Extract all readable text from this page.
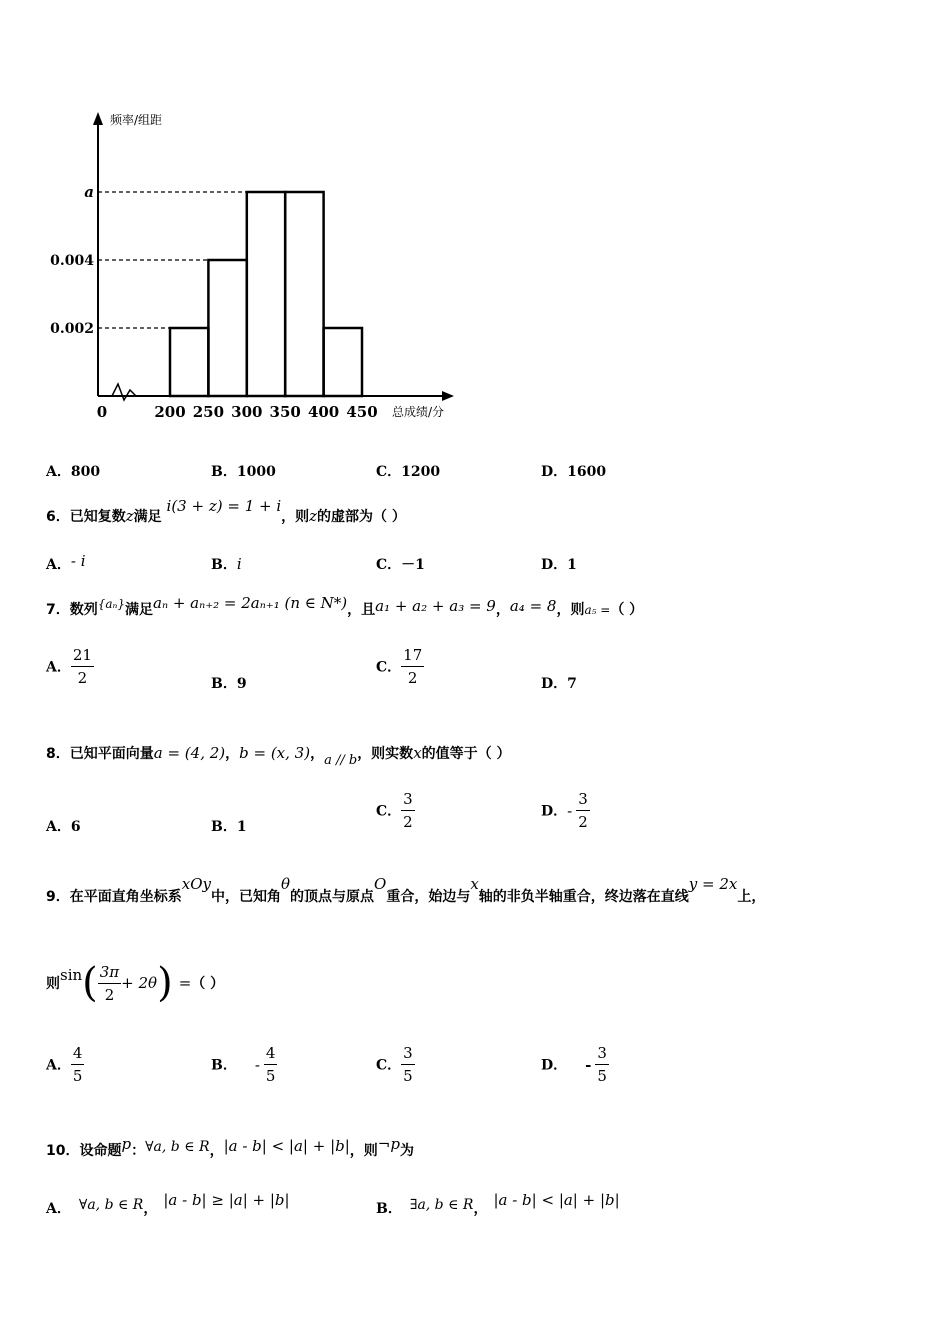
0.002
0.004
a
0	200 250 300 350 400 450 总成绩/分
频率/组距
A．800	B．1000	C．1200	D．1600
6．已知复数z满足 i(3 + z) = 1 + i，则z的虚部为（ ）
A．- i	B．i	C．－1	D．1
7．数列{aₙ}满足aₙ + aₙ₊₂ = 2aₙ₊₁ (n ∈ N*)，且a₁ + a₂ + a₃ = 9，a₄ = 8，则a₅ =（ ）
A． $\frac{21}{2}$	B．9
C． $\frac{17}{2}$	D．7
8．已知平面向量a = (4, 2)，b = (x, 3)，a // b，则实数x的值等于（ ）
A．6	B．1
C． $\frac{3}{2}$	D．- $\frac{3}{2}$
9．在平面直角坐标系xOy中，已知角θ的顶点与原点O重合，始边与x轴的非负半轴重合，终边落在直线y = 2x上，
则$\sin( \frac{3\pi}{2} + 2\theta)$ =（ ）
A． $\frac{4}{5}$	B． - $\frac{4}{5}$	C． $\frac{3}{5}$	D． - $\frac{3}{5}$
10．设命题p：∀a, b ∈ R，|a - b| < |a| + |b|，则¬p为
A． ∀a, b ∈ R， |a - b| ≥ |a| + |b|	B． ∃a, b ∈ R， |a - b| < |a| + |b|
